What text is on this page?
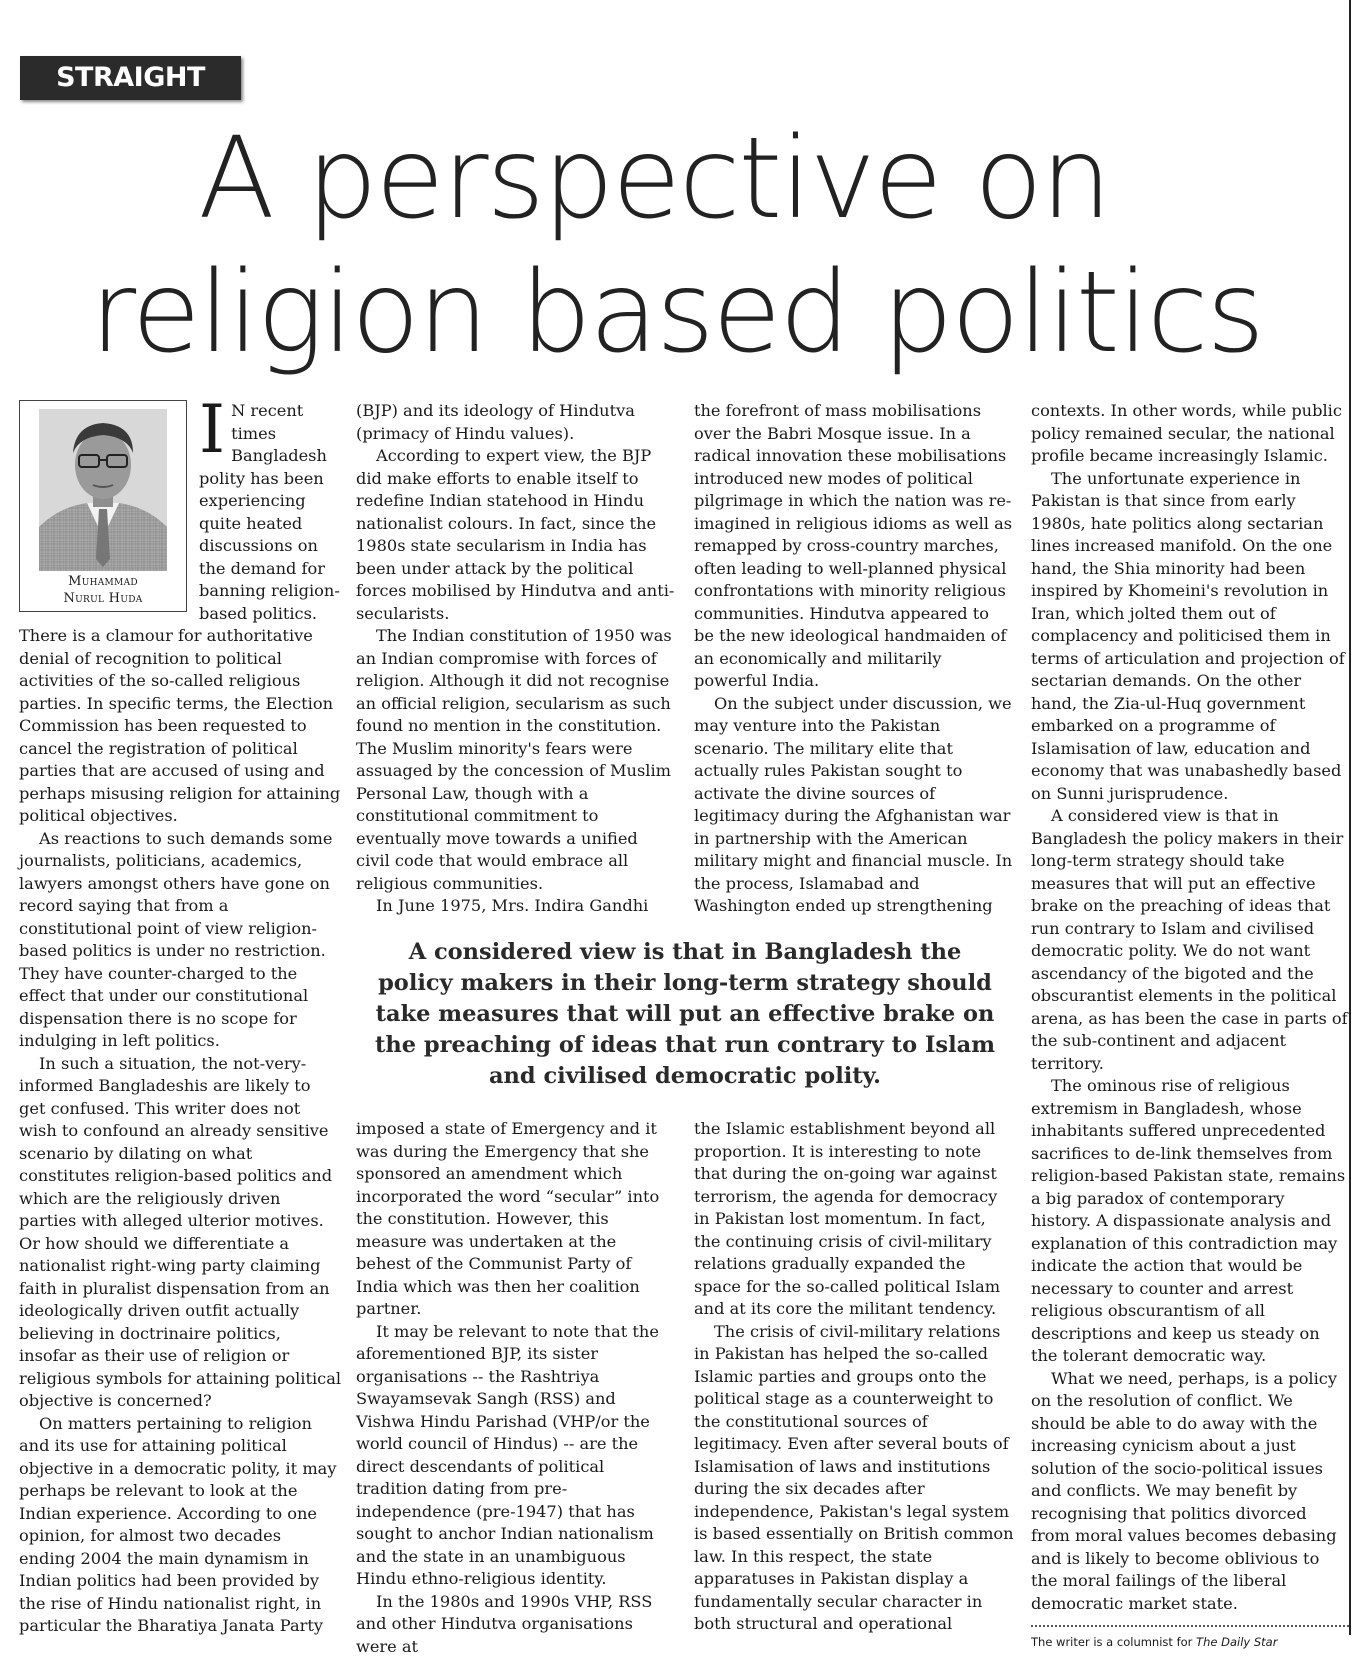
STRAIGHT LINE A perspective on
religion based politics
Muhammad
Nurul Huda

I N recent times Bangladesh polity has been experiencing quite heated discussions on the demand for banning religion-based politics. There is a clamour for authoritative denial of recognition to political activities of the so-called religious parties. In specific terms, the Election Commission has been requested to cancel the registration of political parties that are accused of using and perhaps misusing religion for attaining political objectives.

As reactions to such demands some journalists, politicians, academics, lawyers amongst others have gone on record saying that from a constitutional point of view religion-based politics is under no restriction. They have counter-charged to the effect that under our constitutional dispensation there is no scope for indulging in left politics.

In such a situation, the not-very-informed Bangladeshis are likely to get confused. This writer does not wish to confound an already sensitive scenario by dilating on what constitutes religion-based politics and which are the religiously driven parties with alleged ulterior motives. Or how should we differentiate a nationalist right-wing party claiming faith in pluralist dispensation from an ideologically driven outfit actually believing in doctrinaire politics, insofar as their use of religion or religious symbols for attaining political objective is concerned?

On matters pertaining to religion and its use for attaining political objective in a democratic polity, it may perhaps be relevant to look at the Indian experience. According to one opinion, for almost two decades ending 2004 the main dynamism in Indian politics had been provided by the rise of Hindu nationalist right, in particular the Bharatiya Janata Party

(BJP) and its ideology of Hindutva (primacy of Hindu values).

According to expert view, the BJP did make efforts to enable itself to redefine Indian statehood in Hindu nationalist colours. In fact, since the 1980s state secularism in India has been under attack by the political forces mobilised by Hindutva and anti-secularists.

The Indian constitution of 1950 was an Indian compromise with forces of religion. Although it did not recognise an official religion, secularism as such found no mention in the constitution. The Muslim minority's fears were assuaged by the concession of Muslim Personal Law, though with a constitutional commitment to eventually move towards a unified civil code that would embrace all religious communities.

In June 1975, Mrs. Indira Gandhi

the forefront of mass mobilisations over the Babri Mosque issue. In a radical innovation these mobilisations introduced new modes of political pilgrimage in which the nation was re-imagined in religious idioms as well as remapped by cross-country marches, often leading to well-planned physical confrontations with minority religious communities. Hindutva appeared to be the new ideological handmaiden of an economically and militarily powerful India.

On the subject under discussion, we may venture into the Pakistan scenario. The military elite that actually rules Pakistan sought to activate the divine sources of legitimacy during the Afghanistan war in partnership with the American military might and financial muscle. In the process, Islamabad and Washington ended up strengthening

A considered view is that in Bangladesh the policy makers in their long-term strategy should take measures that will put an effective brake on the preaching of ideas that run contrary to Islam and civilised democratic polity.

imposed a state of Emergency and it was during the Emergency that she sponsored an amendment which incorporated the word “secular” into the constitution. However, this measure was undertaken at the behest of the Communist Party of India which was then her coalition partner.

It may be relevant to note that the aforementioned BJP, its sister organisations -- the Rashtriya Swayamsevak Sangh (RSS) and Vishwa Hindu Parishad (VHP/or the world council of Hindus) -- are the direct descendants of political tradition dating from pre-independence (pre-1947) that has sought to anchor Indian nationalism and the state in an unambiguous Hindu ethno-religious identity.

In the 1980s and 1990s VHP, RSS and other Hindutva organisations were at

the Islamic establishment beyond all proportion. It is interesting to note that during the on-going war against terrorism, the agenda for democracy in Pakistan lost momentum. In fact, the continuing crisis of civil-military relations gradually expanded the space for the so-called political Islam and at its core the militant tendency.

The crisis of civil-military relations in Pakistan has helped the so-called Islamic parties and groups onto the political stage as a counterweight to the constitutional sources of legitimacy. Even after several bouts of Islamisation of laws and institutions during the six decades after independence, Pakistan's legal system is based essentially on British common law. In this respect, the state apparatuses in Pakistan display a fundamentally secular character in both structural and operational

contexts. In other words, while public policy remained secular, the national profile became increasingly Islamic.

The unfortunate experience in Pakistan is that since from early 1980s, hate politics along sectarian lines increased manifold. On the one hand, the Shia minority had been inspired by Khomeini's revolution in Iran, which jolted them out of complacency and politicised them in terms of articulation and projection of sectarian demands. On the other hand, the Zia-ul-Huq government embarked on a programme of Islamisation of law, education and economy that was unabashedly based on Sunni jurisprudence.

A considered view is that in Bangladesh the policy makers in their long-term strategy should take measures that will put an effective brake on the preaching of ideas that run contrary to Islam and civilised democratic polity. We do not want ascendancy of the bigoted and the obscurantist elements in the political arena, as has been the case in parts of the sub-continent and adjacent territory.

The ominous rise of religious extremism in Bangladesh, whose inhabitants suffered unprecedented sacrifices to de-link themselves from religion-based Pakistan state, remains a big paradox of contemporary history. A dispassionate analysis and explanation of this contradiction may indicate the action that would be necessary to counter and arrest religious obscurantism of all descriptions and keep us steady on the tolerant democratic way.

What we need, perhaps, is a policy on the resolution of conflict. We should be able to do away with the increasing cynicism about a just solution of the socio-political issues and conflicts. We may benefit by recognising that politics divorced from moral values becomes debasing and is likely to become oblivious to the moral failings of the liberal democratic market state.

The writer is a columnist for The Daily Star
